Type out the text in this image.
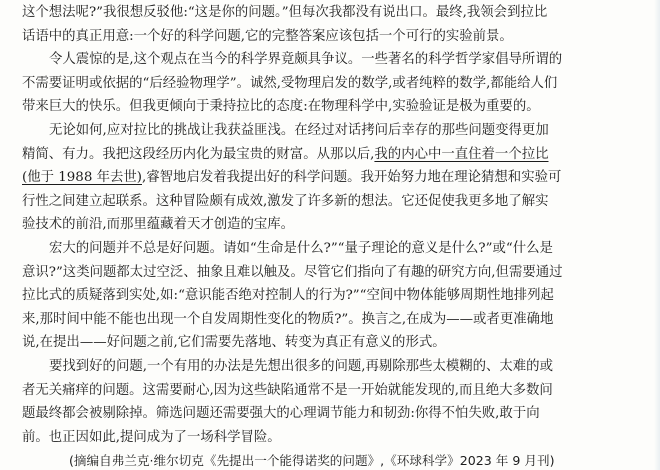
这个想法呢?”我很想反驳他:“这是你的问题。”但每次我都没有说出口。最终,我领会到拉比
话语中的真正用意:一个好的科学问题,它的完整答案应该包括一个可行的实验前景。
令人震惊的是,这个观点在当今的科学界竟颇具争议。一些著名的科学哲学家倡导所谓的
不需要证明或依据的“后经验物理学”。诚然,受物理启发的数学,或者纯粹的数学,都能给人们
带来巨大的快乐。但我更倾向于秉持拉比的态度:在物理科学中,实验验证是极为重要的。
无论如何,应对拉比的挑战让我获益匪浅。在经过对话拷问后幸存的那些问题变得更加
精简、有力。我把这段经历内化为最宝贵的财富。从那以后,我的内心中一直住着一个拉比
(他于 1988 年去世),睿智地启发着我提出好的科学问题。我开始努力地在理论猜想和实验可
行性之间建立起联系。这种冒险颇有成效,激发了许多新的想法。它还促使我更多地了解实
验技术的前沿,而那里蕴藏着天才创造的宝库。
宏大的问题并不总是好问题。请如“生命是什么?”“量子理论的意义是什么?”或“什么是
意识?”这类问题都太过空泛、抽象且难以触及。尽管它们指向了有趣的研究方向,但需要通过
拉比式的质疑落到实处,如:“意识能否绝对控制人的行为?”“空间中物体能够周期性地排列起
来,那时间中能不能也出现一个自发周期性变化的物质?”。换言之,在成为——或者更准确地
说,在提出——好问题之前,它们需要先落地、转变为真正有意义的形式。
要找到好的问题,一个有用的办法是先想出很多的问题,再剔除那些太模糊的、太难的或
者无关痛痒的问题。这需要耐心,因为这些缺陷通常不是一开始就能发现的,而且绝大多数问
题最终都会被剔除掉。筛选问题还需要强大的心理调节能力和韧劲:你得不怕失败,敢于向
前。也正因如此,提问成为了一场科学冒险。
(摘编自弗兰克·维尔切克《先提出一个能得诺奖的问题》,《环球科学》2023 年 9 月刊)
